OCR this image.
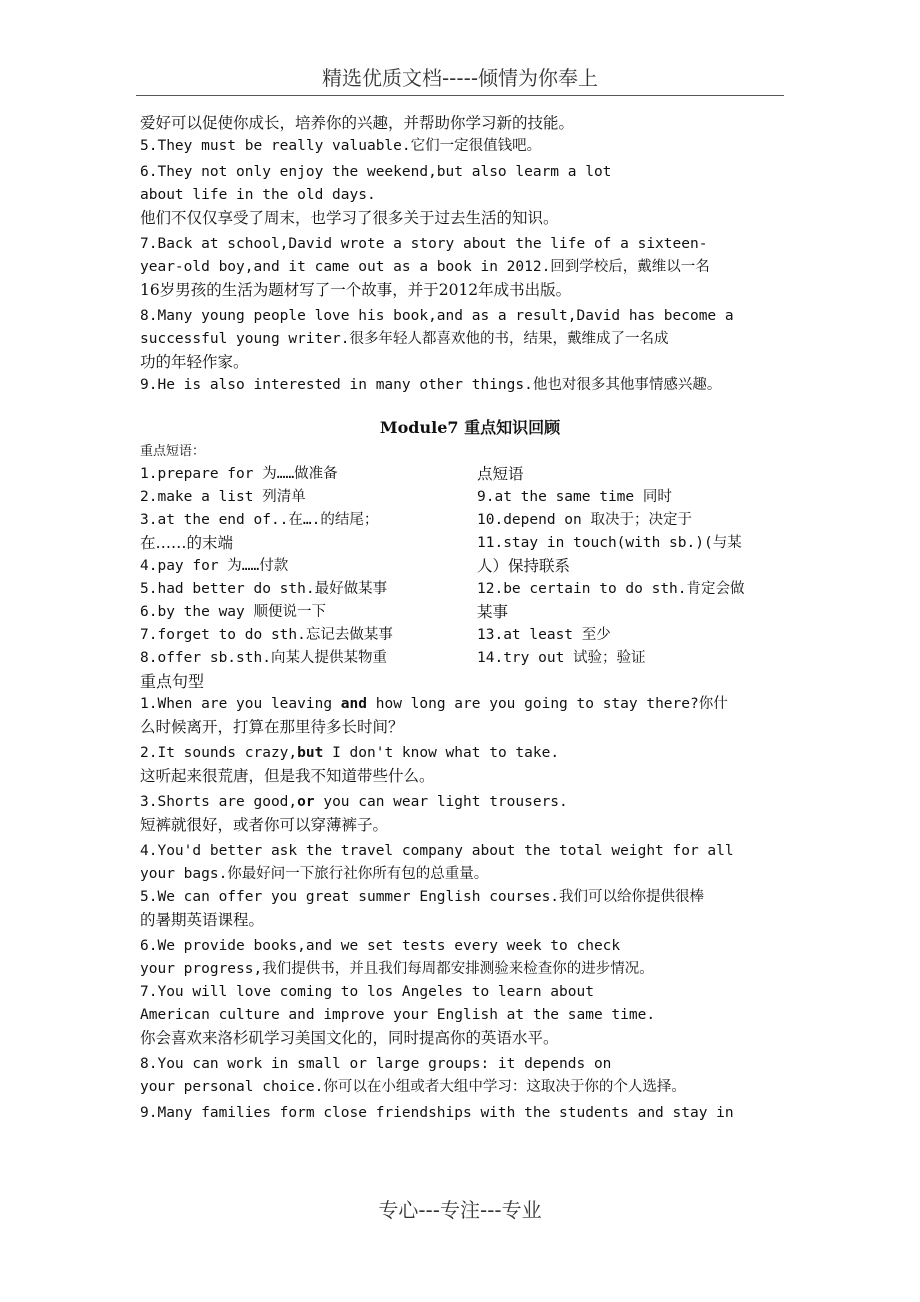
精选优质文档-----倾情为你奉上
爱好可以促使你成长，培养你的兴趣，并帮助你学习新的技能。
5.They must be really valuable.它们一定很值钱吧。
6.They not only enjoy the weekend,but also learm a lot
about life in the old days.
他们不仅仅享受了周末，也学习了很多关于过去生活的知识。
7.Back at school,David wrote a story about the life of a sixteen-
year-old boy,and it came out as a book in 2012.回到学校后，戴维以一名
16岁男孩的生活为题材写了一个故事，并于2012年成书出版。
8.Many young people love his book,and as a result,David has become a
successful young writer.很多年轻人都喜欢他的书，结果，戴维成了一名成
功的年轻作家。
9.He is also interested in many other things.他也对很多其他事情感兴趣。
Module7 重点知识回顾
重点短语：
1.prepare for 为……做准备
2.make a list 列清单
3.at the end of..在….的结尾；
在……的末端
4.pay for 为……付款
5.had better do sth.最好做某事
6.by the way 顺便说一下
7.forget to do sth.忘记去做某事
8.offer sb.sth.向某人提供某物重
点短语
9.at the same time 同时
10.depend on 取决于；决定于
11.stay in touch(with sb.)(与某
人）保持联系
12.be certain to do sth.肯定会做
某事
13.at least 至少
14.try out 试验；验证
重点句型
1.When are you leaving and how long are you going to stay there?你什
么时候离开，打算在那里待多长时间？
2.It sounds crazy,but I don't know what to take.
这听起来很荒唐，但是我不知道带些什么。
3.Shorts are good,or you can wear light trousers.
短裤就很好，或者你可以穿薄裤子。
4.You'd better ask the travel company about the total weight for all
your bags.你最好问一下旅行社你所有包的总重量。
5.We can offer you great summer English courses.我们可以给你提供很棒
的暑期英语课程。
6.We provide books,and we set tests every week to check
your progress,我们提供书，并且我们每周都安排测验来检查你的进步情况。
7.You will love coming to los Angeles to learn about
American culture and improve your English at the same time.
你会喜欢来洛杉矶学习美国文化的，同时提高你的英语水平。
8.You can work in small or large groups: it depends on
your personal choice.你可以在小组或者大组中学习：这取决于你的个人选择。
9.Many families form close friendships with the students and stay in
专心---专注---专业
